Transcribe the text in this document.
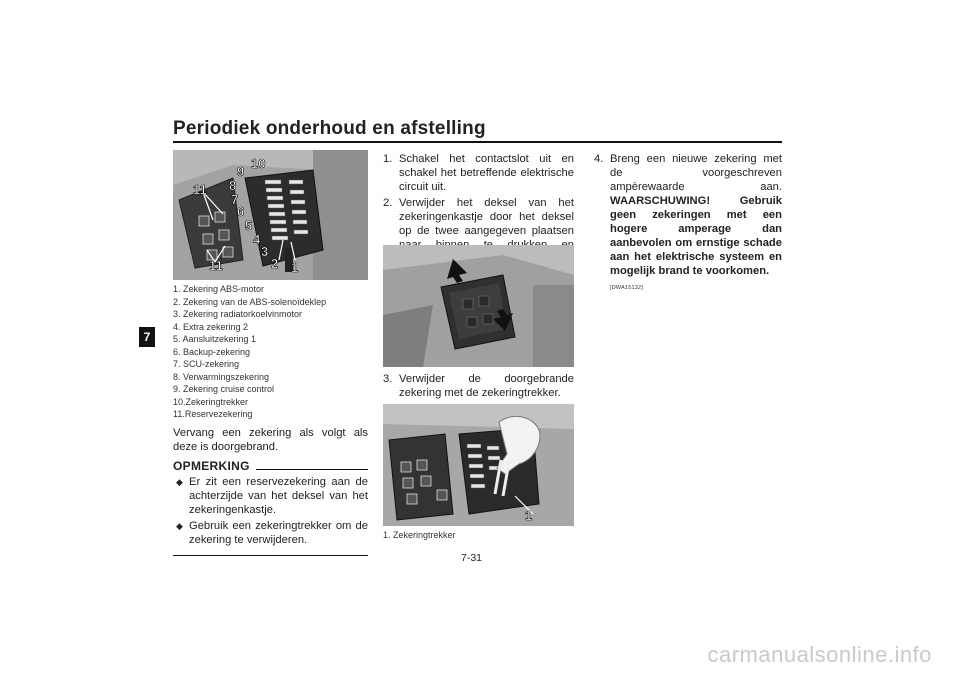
Periodiek onderhoud en afstelling
7
1
2
3
4
5
6
7
8
9
10
11
11
1. Zekering ABS-motor
2. Zekering van de ABS-solenoïdeklep
3. Zekering radiatorkoelvinmotor
4. Extra zekering 2
5. Aansluitzekering 1
6. Backup-zekering
7. SCU-zekering
8. Verwarmingszekering
9. Zekering cruise control
10.Zekeringtrekker
11.Reservezekering
Vervang een zekering als volgt als deze is doorgebrand.
OPMERKING
◆ Er zit een reservezekering aan de achterzijde van het deksel van het zekeringenkastje.
◆ Gebruik een zekeringtrekker om de zekering te verwijderen.
1. Schakel het contactslot uit en schakel het betreffende elektrische circuit uit.
2. Verwijder het deksel van het zekeringenkastje door het deksel op de twee aangegeven plaatsen
3. Verwijder de doorgebrande zekering met de zekeringtrekker.
1
1. Zekeringtrekker
4. Breng een nieuwe zekering met de voorgeschreven ampèrewaarde aan. WAARSCHUWING! Gebruik geen zekeringen met een hogere amperage dan aanbevolen om ernstige schade aan het elektrische systeem en mogelijk brand te voorkomen.
[DWA15132]
7-31
carmanualsonline.info
